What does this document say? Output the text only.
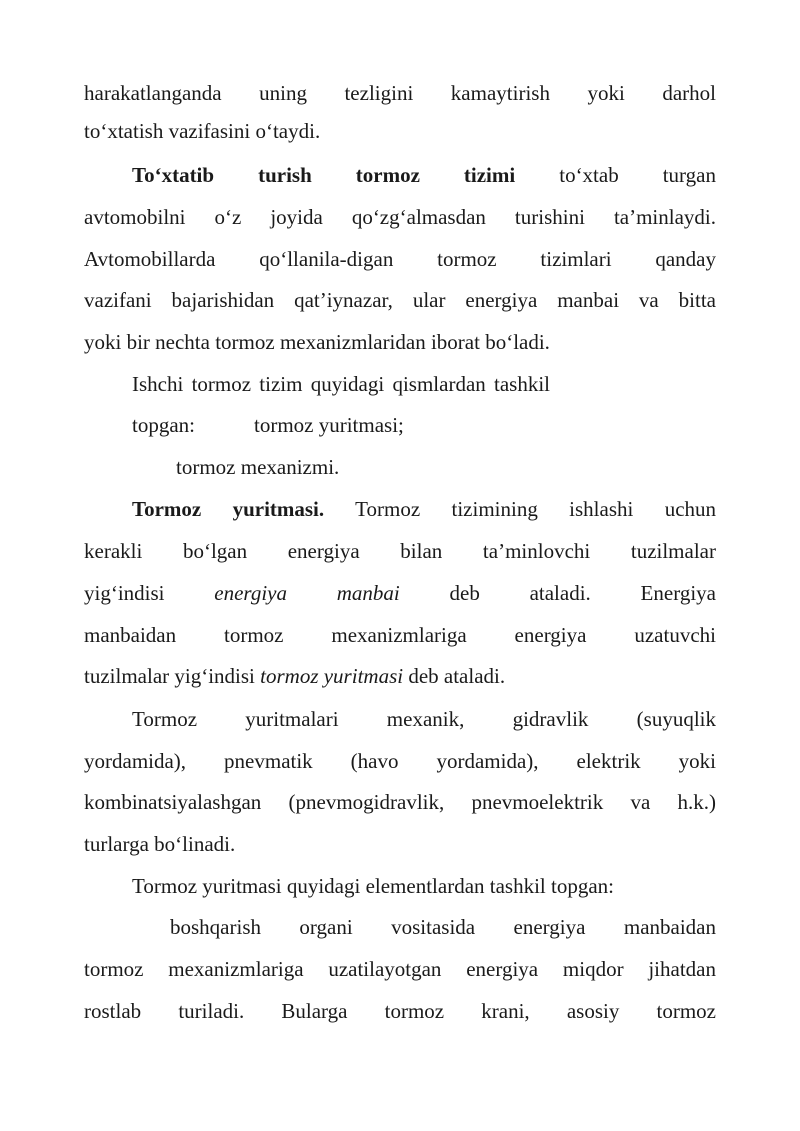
harakatlanganda uning tezligini kamaytirish yoki darhol
to‘xtatish vazifasini o‘taydi.
To‘xtatib turish tormoz tizimi to‘xtab turgan
avtomobilni o‘z joyida qo‘zg‘almasdan turishini ta’minlaydi.
Avtomobillarda qo‘llanila-digan tormoz tizimlari qanday
vazifani bajarishidan qat’iynazar, ular energiya manbai va bitta
yoki bir nechta tormoz mexanizmlaridan iborat bo‘ladi.
Ishchi tormoz tizim quyidagi qismlardan tashkil
topgan:	tormoz yuritmasi;
tormoz mexanizmi.
Tormoz yuritmasi. Tormoz tizimining ishlashi uchun
kerakli bo‘lgan energiya bilan ta’minlovchi tuzilmalar
yig‘indisi energiya manbai deb ataladi. Energiya
manbaidan tormoz mexanizmlariga energiya uzatuvchi
tuzilmalar yig‘indisi tormoz yuritmasi deb ataladi.
Tormoz yuritmalari mexanik, gidravlik (suyuqlik
yordamida), pnevmatik (havo yordamida), elektrik yoki
kombinatsiyalashgan (pnevmogidravlik, pnevmoelektrik va h.k.)
turlarga bo‘linadi.
Tormoz yuritmasi quyidagi elementlardan tashkil topgan:
boshqarish organi vositasida energiya manbaidan
tormoz mexanizmlariga uzatilayotgan energiya miqdor jihatdan
rostlab turiladi. Bularga tormoz krani, asosiy tormoz
